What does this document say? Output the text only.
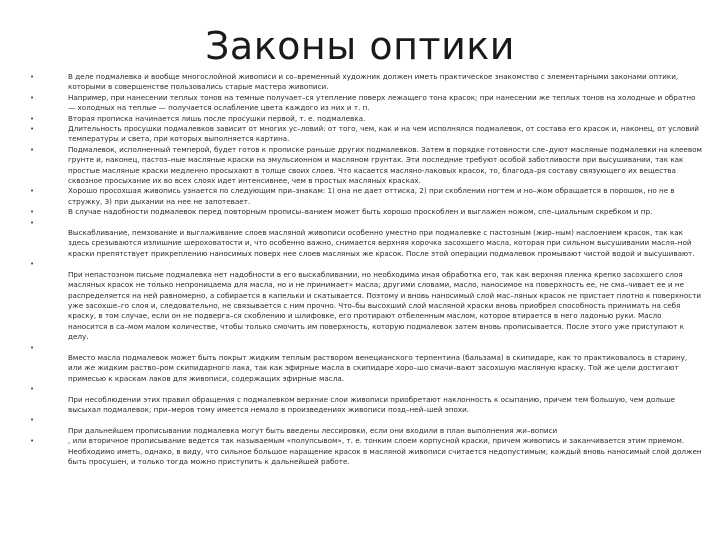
Законы оптики
•	В деле подмалевка и вообще многослойной живописи и со–временный художник должен иметь практическое знакомство с элементарными законами оптики, которыми в совершенстве пользовались старые мастера живописи.
•	Например, при нанесении теплых тонов на темные получает–ся утепление поверх лежащего тона красок; при нанесении же теплых тонов на холодные и обратно — холодных на теплые — получается ослабление цвета каждого из них и т. п.
•	Вторая прописка начинается лишь после просушки первой, т. е. подмалевка.
•	Длительность просушки подмалевков зависит от многих ус–ловий: от того, чем, как и на чем исполнялся подмалевок, от состава его красок и, наконец, от условий температуры и света, при которых выполняется картина.
•	Подмалевок, исполненный темперой, будет готов к прописке раньше других подмалевков. Затем в порядке готовности сле–дуют масляные подмалевки на клеевом грунте и, наконец, пастоз–ные масляные краски на эмульсионном и масляном грунтах. Эти последние требуют особой заботливости при высушивании, так как простые масляные краски медленно просыхают в толще своих слоев. Что касается масляно-лаковых красок, то, благода–ря составу связующего их вещества сквозное просыхание их во всех слоях идет интенсивнее, чем в простых масляных красках.
•	Хорошо просохшая живопись узнается по следующим при–знакам: 1) она не дает оттиска, 2) при скоблении ногтем и но–жом обращается в порошок, но не в стружку, 3) при дыхании на нее не запотевает.
•	В случае надобности подмалевок перед повторным прописы–ванием может быть хорошо проскоблен и выглажен ножом, спе–циальным скребком и пр.
•
Выскабливание, пемзование и выглаживание слоев масляной живописи особенно уместно при подмалевке с пастозным (жир–ным) наслоением красок, так как здесь срезываются излишние шероховатости и, что особенно важно, снимается верхняя корочка засохшего масла, которая при сильном высушивании масля–ной краски препятствует прикреплению наносимых поверх нее слоев масляных же красок. После этой операции подмалевок промывают чистой водой и высушивают.
•
При непастозном письме подмалевка нет надобности в его выскабливании, но необходима иная обработка его, так как верхняя пленка крепко засохшего слоя масляных красок не только непроницаема для масла, но и не принимает» масла; другими словами, масло, наносимое на поверхность ее, не сма–чивает ее и не распределяется на ней равномерно, а собирается в капельки и скатывается. Поэтому и вновь наносимый слой мас–ляных красок не пристает плотно к поверхности уже засохше–го слоя и, следовательно, не связывается с ним прочно. Что–бы высохший слой масляной краски вновь приобрел способность принимать на себя краску, в том случае, если он не подверга–ся скоблению и шлифовке, его протирают отбеленным маслом, которое втирается в него ладонью руки. Масло наносится в са–мом малом количестве, чтобы только смочить им поверхность, которую подмалевок затем вновь прописывается. После этого уже приступают к делу.
•
Вместо масла подмалевок может быть покрыт жидким теплым раствором венецианского терпентина (бальзама) в скипидаре, как то практиковалось в старину, или же жидким раство–ром скипидарного лака, так как эфирные масла в скипидаре хоро–шо смачи–вают засохшую масляную краску. Той же цели достигают примесью к краскам лаков для живописи, содержащих эфирные масла.
•
При несоблюдении этих правил обращения с подмалевком верхние слои живописи приобретают наклонность к осыпанию, причем тем большую, чем дольше высыхал подмалевок; при–меров тому имеется немало в произведениях живописи позд–ней–шей эпохи.
•
При дальнейшем прописывании подмалевка могут быть введены лессировки, если они входили в план выполнения жи–вописи
•	, или вторичное прописывание ведется так называемым «полупсывом», т. е. тонким слоем корпусной краски, причем живопись и заканчивается этим приемом. Необходимо иметь, однако, в виду, что сильное большое наращение красок в масляной живописи считается недопустимым; каждый вновь наносимый слой должен быть просушен, и только тогда можно приступить к дальнейшей работе.
